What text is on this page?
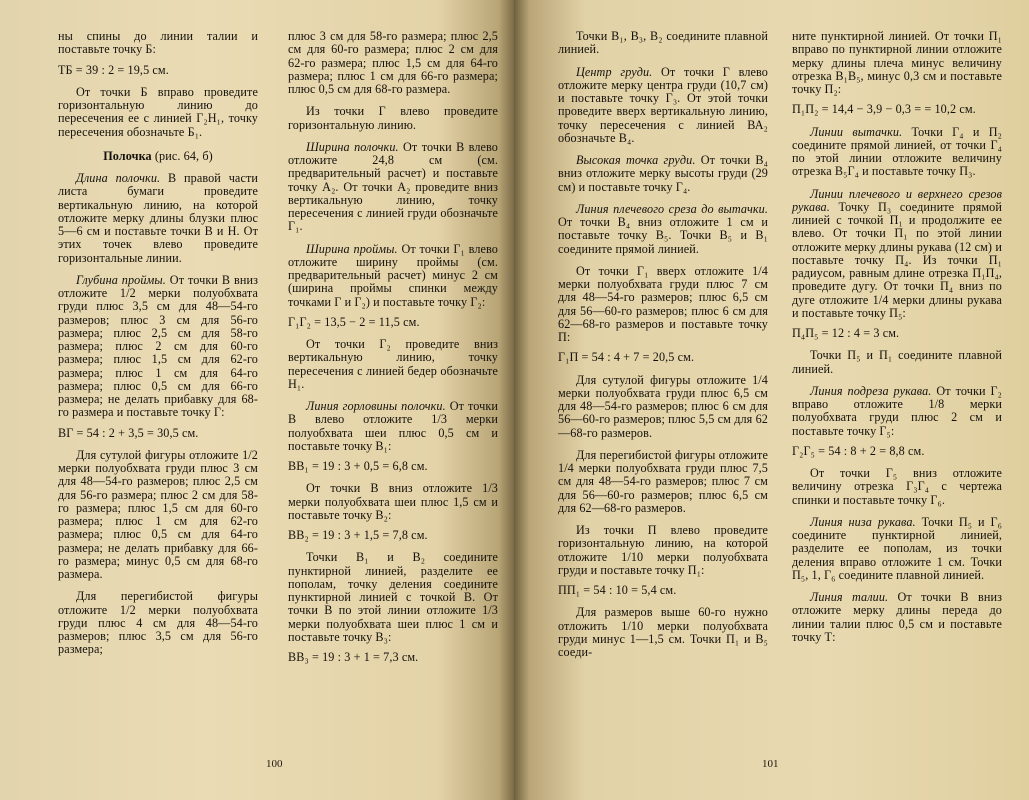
ны спины до линии талии и поставьте точку Б:

ТБ = 39 : 2 = 19,5 см.

От точки Б вправо проведите горизонтальную линию до пересечения ее с линией Г₂Н₁, точку пересечения обозначьте Б₁.

Полочка (рис. 64, б)

Длина полочки. В правой части листа бумаги проведите вертикальную линию, на которой отложите мерку длины блузки плюс 5—6 см и поставьте точки В и Н. От этих точек влево проведите горизонтальные линии.

Глубина проймы. От точки В вниз отложите 1/2 мерки полуобхвата груди плюс 3,5 см для 48—54-го размеров; плюс 3 см для 56-го размера; плюс 2,5 см для 58-го размера; плюс 2 см для 60-го размера; плюс 1,5 см для 62-го размера; плюс 1 см для 64-го размера; плюс 0,5 см для 66-го размера; не делать прибавку для 68-го размера и поставьте точку Г:

ВГ = 54 : 2 + 3,5 = 30,5 см.

Для сутулой фигуры отложите 1/2 мерки полуобхвата груди плюс 3 см для 48—54-го размеров; плюс 2,5 см для 56-го размера; плюс 2 см для 58-го размера; плюс 1,5 см для 60-го размера; плюс 1 см для 62-го размера; плюс 0,5 см для 64-го размера; не делать прибавку для 66-го размера; минус 0,5 см для 68-го размера.

Для перегибистой фигуры отложите 1/2 мерки полуобхвата груди плюс 4 см для 48—54-го размеров; плюс 3,5 см для 56-го размера;

плюс 3 см для 58-го размера; плюс 2,5 см для 60-го размера; плюс 2 см для 62-го размера; плюс 1,5 см для 64-го размера; плюс 1 см для 66-го размера; плюс 0,5 см для 68-го размера.

Из точки Г влево проведите горизонтальную линию.

Ширина полочки. От точки В влево отложите 24,8 см (см. предварительный расчет) и поставьте точку А₂. От точки А₂ проведите вниз вертикальную линию, точку пересечения с линией груди обозначьте Г₁.

Ширина проймы. От точки Г₁ влево отложите ширину проймы (см. предварительный расчет) минус 2 см (ширина проймы спинки между точками Г и Г₂) и поставьте точку Г₂:

Г₁Г₂ = 13,5 − 2 = 11,5 см.

От точки Г₂ проведите вниз вертикальную линию, точку пересечения с линией бедер обозначьте Н₁.

Линия горловины полочки. От точки В влево отложите 1/3 мерки полуобхвата шеи плюс 0,5 см и поставьте точку В₁:

ВВ₁ = 19 : 3 + 0,5 = 6,8 см.

От точки В вниз отложите 1/3 мерки полуобхвата шеи плюс 1,5 см и поставьте точку В₂:

ВВ₂ = 19 : 3 + 1,5 = 7,8 см.

Точки В₁ и В₂ соедините пунктирной линией, разделите ее пополам, точку деления соедините пунктирной линией с точкой В. От точки В по этой линии отложите 1/3 мерки полуобхвата шеи плюс 1 см и поставьте точку В₃:

ВВ₃ = 19 : 3 + 1 = 7,3 см.

100

Точки В₁, В₃, В₂ соедините плавной линией.

Центр груди. От точки Г влево отложите мерку центра груди (10,7 см) и поставьте точку Г₃. От этой точки проведите вверх вертикальную линию, точку пересечения с линией ВА₂ обозначьте В₄.

Высокая точка груди. От точки В₄ вниз отложите мерку высоты груди (29 см) и поставьте точку Г₄.

Линия плечевого среза до вытачки. От точки В₄ вниз отложите 1 см и поставьте точку В₅. Точки В₅ и В₁ соедините прямой линией.

От точки Г₁ вверх отложите 1/4 мерки полуобхвата груди плюс 7 см для 48—54-го размеров; плюс 6,5 см для 56—60-го размеров; плюс 6 см для 62—68-го размеров и поставьте точку П:

Г₁П = 54 : 4 + 7 = 20,5 см.

Для сутулой фигуры отложите 1/4 мерки полуобхвата груди плюс 6,5 см для 48—54-го размеров; плюс 6 см для 56—60-го размеров; плюс 5,5 см для 62—68-го размеров.

Для перегибистой фигуры отложите 1/4 мерки полуобхвата груди плюс 7,5 см для 48—54-го размеров; плюс 7 см для 56—60-го размеров; плюс 6,5 см для 62—68-го размеров.

Из точки П влево проведите горизонтальную линию, на которой отложите 1/10 мерки полуобхвата груди и поставьте точку П₁:

ПП₁ = 54 : 10 = 5,4 см.

Для размеров выше 60-го нужно отложить 1/10 мерки полуобхвата груди минус 1—1,5 см. Точки П₁ и В₅ соеди-

ните пунктирной линией. От точки П₁ вправо по пунктирной линии отложите мерку длины плеча минус величину отрезка В₁В₅, минус 0,3 см и поставьте точку П₂:

П₁П₂ = 14,4 − 3,9 − 0,3 = = 10,2 см.

Линии вытачки. Точки Г₄ и П₂ соедините прямой линией, от точки Г₄ по этой линии отложите величину отрезка В₅Г₄ и поставьте точку П₃.

Линии плечевого и верхнего срезов рукава. Точку П₃ соедините прямой линией с точкой П₁ и продолжите ее влево. От точки П₁ по этой линии отложите мерку длины рукава (12 см) и поставьте точку П₄. Из точки П₁ радиусом, равным длине отрезка П₁П₄, проведите дугу. От точки П₄ вниз по дуге отложите 1/4 мерки длины рукава и поставьте точку П₅:

П₄П₅ = 12 : 4 = 3 см.

Точки П₅ и П₁ соедините плавной линией.

Линия подреза рукава. От точки Г₂ вправо отложите 1/8 мерки полуобхвата груди плюс 2 см и поставьте точку Г₅:

Г₂Г₅ = 54 : 8 + 2 = 8,8 см.

От точки Г₅ вниз отложите величину отрезка Г₃Г₄ с чертежа спинки и поставьте точку Г₆.

Линия низа рукава. Точки П₅ и Г₆ соедините пунктирной линией, разделите ее пополам, из точки деления вправо отложите 1 см. Точки П₅, 1, Г₆ соедините плавной линией.

Линия талии. От точки В вниз отложите мерку длины переда до линии талии плюс 0,5 см и поставьте точку Т:

101
